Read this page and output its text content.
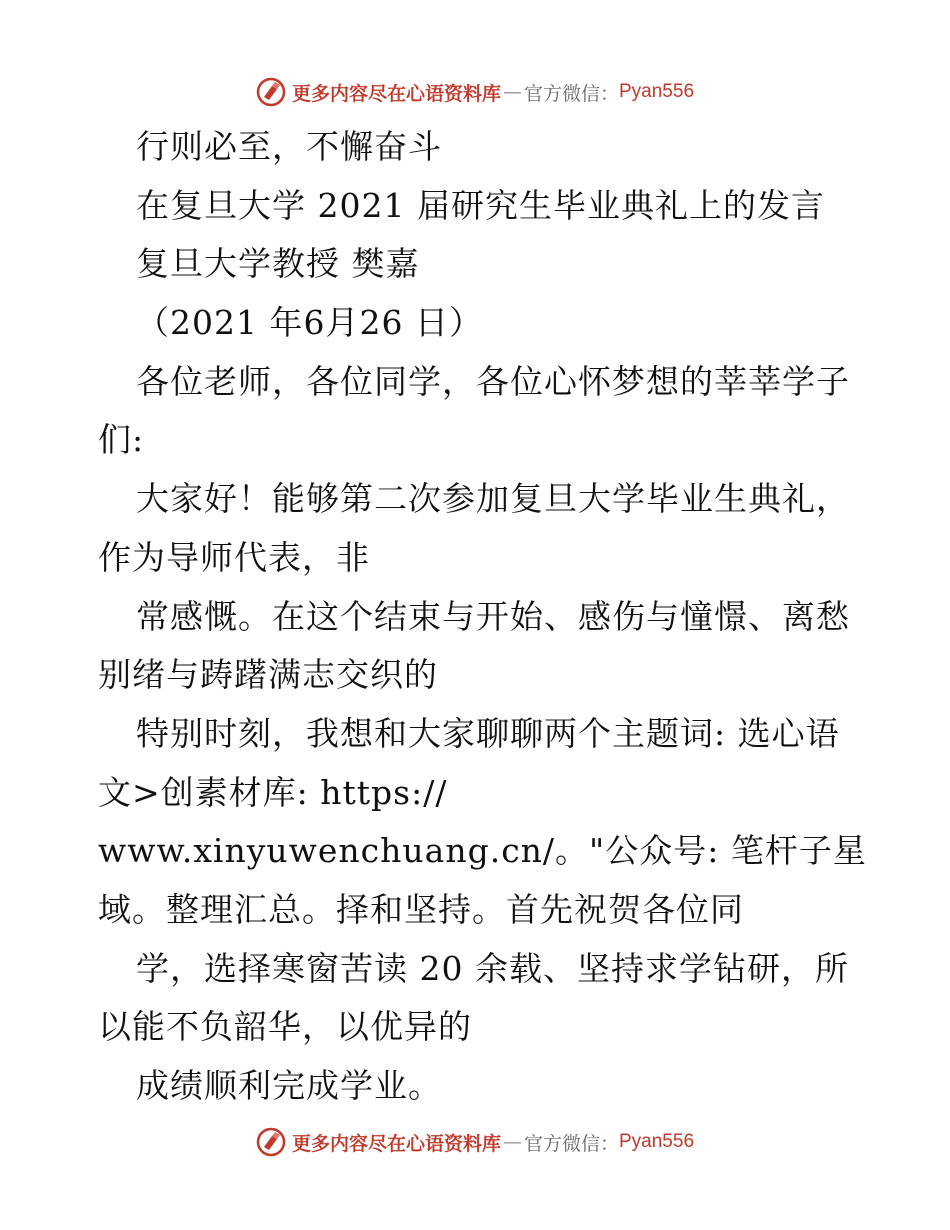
更多内容尽在心语资料库 — 官方微信： Pyan556
行则必至，不懈奋斗
在复旦大学 2021 届研究生毕业典礼上的发言
复旦大学教授 樊嘉
（2021 年6月26 日）
各位老师，各位同学，各位心怀梦想的莘莘学子
们:
大家好！能够第二次参加复旦大学毕业生典礼，
作为导师代表，非
常感慨。在这个结束与开始、感伤与憧憬、离愁
别绪与踌躇满志交织的
特别时刻，我想和大家聊聊两个主题词: 选心语
文>创素材库: https://
www.xinyuwenchuang.cn/。"公众号: 笔杆子星
域。整理汇总。择和坚持。首先祝贺各位同
学，选择寒窗苦读 20 余载、坚持求学钻研，所
以能不负韶华，以优异的
成绩顺利完成学业。
更多内容尽在心语资料库 — 官方微信： Pyan556
